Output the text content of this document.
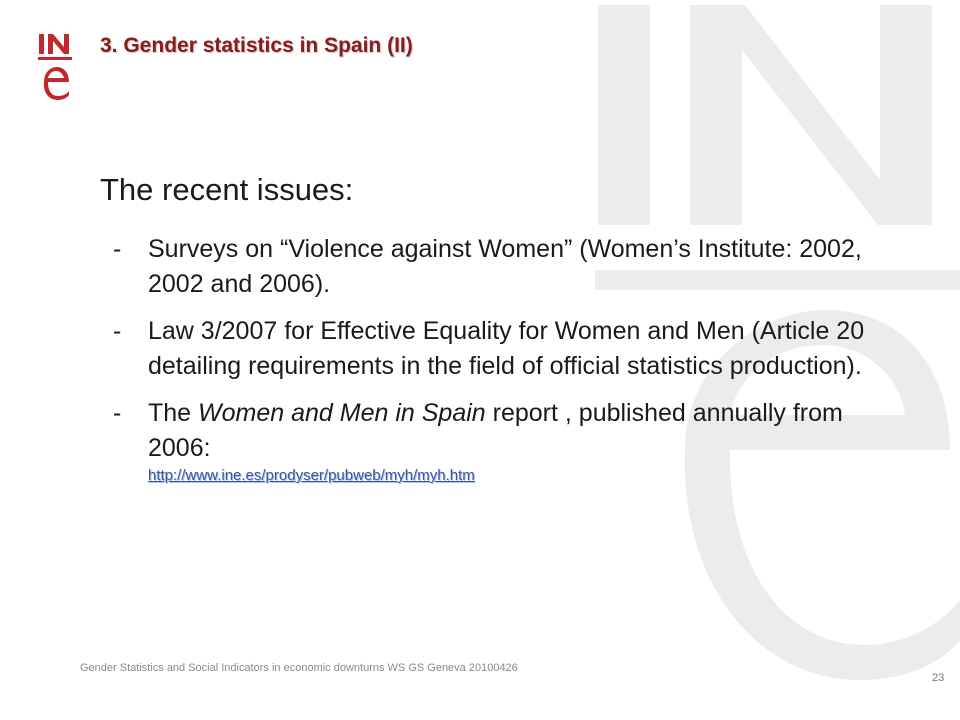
3. Gender statistics in Spain (II)
The recent issues:
- Surveys on “Violence against Women” (Women’s Institute: 2002, 2002 and 2006).
- Law 3/2007 for Effective Equality for Women and Men (Article 20 detailing requirements in the field of official statistics production).
- The Women and Men in Spain report , published annually from 2006:
http://www.ine.es/prodyser/pubweb/myh/myh.htm
Gender Statistics and Social Indicators in economic downturns WS GS Geneva 20100426
23
